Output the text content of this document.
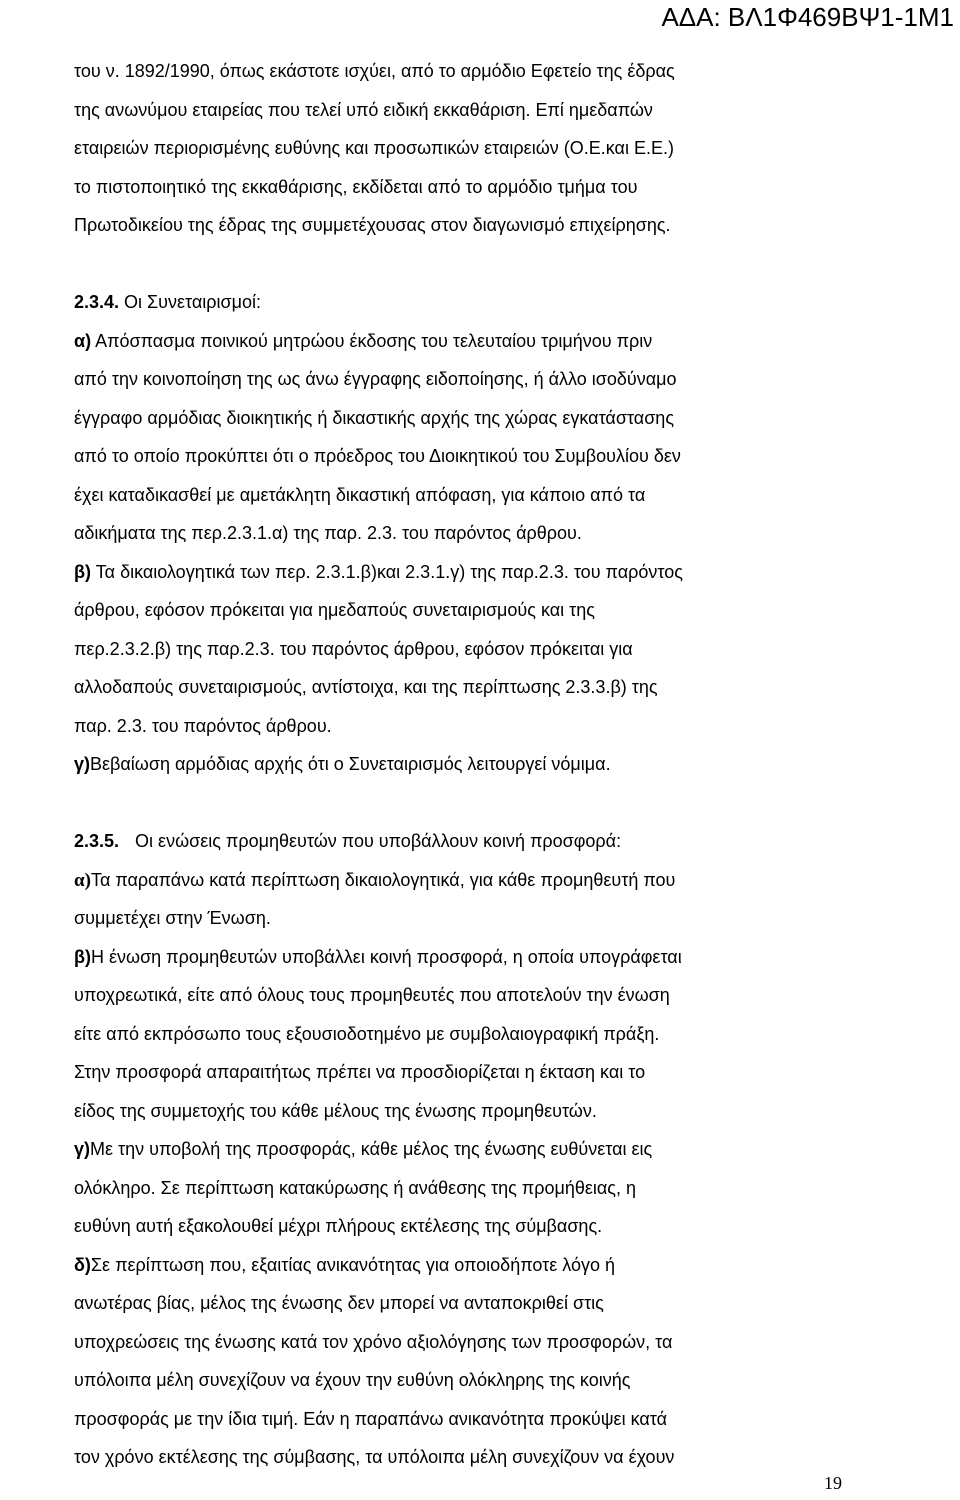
ΑΔΑ: ΒΛ1Φ469ΒΨ1-1Μ1
του ν. 1892/1990, όπως εκάστοτε ισχύει, από το αρμόδιο Εφετείο της έδρας
της ανωνύμου εταιρείας που τελεί υπό ειδική εκκαθάριση. Επί ημεδαπών
εταιρειών περιορισμένης ευθύνης και προσωπικών εταιρειών (Ο.Ε.και Ε.Ε.)
το πιστοποιητικό της εκκαθάρισης, εκδίδεται από το αρμόδιο τμήμα του
Πρωτοδικείου της έδρας της συμμετέχουσας στον διαγωνισμό επιχείρησης.
2.3.4. Οι Συνεταιρισμοί:
α) Απόσπασμα ποινικού μητρώου έκδοσης του τελευταίου τριμήνου πριν
από την κοινοποίηση της ως άνω έγγραφης ειδοποίησης, ή άλλο ισοδύναμο
έγγραφο αρμόδιας διοικητικής ή δικαστικής αρχής της χώρας εγκατάστασης
από το οποίο προκύπτει ότι ο πρόεδρος του Διοικητικού του Συμβουλίου δεν
έχει καταδικασθεί με αμετάκλητη δικαστική απόφαση, για κάποιο από τα
αδικήματα της περ.2.3.1.α) της παρ. 2.3. του παρόντος άρθρου.
β) Τα δικαιολογητικά των περ. 2.3.1.β)και 2.3.1.γ) της παρ.2.3. του παρόντος
άρθρου, εφόσον πρόκειται για ημεδαπούς συνεταιρισμούς και της
περ.2.3.2.β) της παρ.2.3. του παρόντος άρθρου, εφόσον πρόκειται για
αλλοδαπούς συνεταιρισμούς, αντίστοιχα, και της περίπτωσης 2.3.3.β) της
παρ. 2.3. του παρόντος άρθρου.
γ)Βεβαίωση αρμόδιας αρχής ότι ο Συνεταιρισμός λειτουργεί νόμιμα.
2.3.5. Οι ενώσεις προμηθευτών που υποβάλλουν κοινή προσφορά:
α)Τα παραπάνω κατά περίπτωση δικαιολογητικά, για κάθε προμηθευτή που
συμμετέχει στην Ένωση.
β)Η ένωση προμηθευτών υποβάλλει κοινή προσφορά, η οποία υπογράφεται
υποχρεωτικά, είτε από όλους τους προμηθευτές που αποτελούν την ένωση
είτε από εκπρόσωπο τους εξουσιοδοτημένο με συμβολαιογραφική πράξη.
Στην προσφορά απαραιτήτως πρέπει να προσδιορίζεται η έκταση και το
είδος της συμμετοχής του κάθε μέλους της ένωσης προμηθευτών.
γ)Με την υποβολή της προσφοράς, κάθε μέλος της ένωσης ευθύνεται εις
ολόκληρο. Σε περίπτωση κατακύρωσης ή ανάθεσης της προμήθειας, η
ευθύνη αυτή εξακολουθεί μέχρι πλήρους εκτέλεσης της σύμβασης.
δ)Σε περίπτωση που, εξαιτίας ανικανότητας για οποιοδήποτε λόγο ή
ανωτέρας βίας, μέλος της ένωσης δεν μπορεί να ανταποκριθεί στις
υποχρεώσεις της ένωσης κατά τον χρόνο αξιολόγησης των προσφορών, τα
υπόλοιπα μέλη συνεχίζουν να έχουν την ευθύνη ολόκληρης της κοινής
προσφοράς με την ίδια τιμή. Εάν η παραπάνω ανικανότητα προκύψει κατά
τον χρόνο εκτέλεσης της σύμβασης, τα υπόλοιπα μέλη συνεχίζουν να έχουν
19
